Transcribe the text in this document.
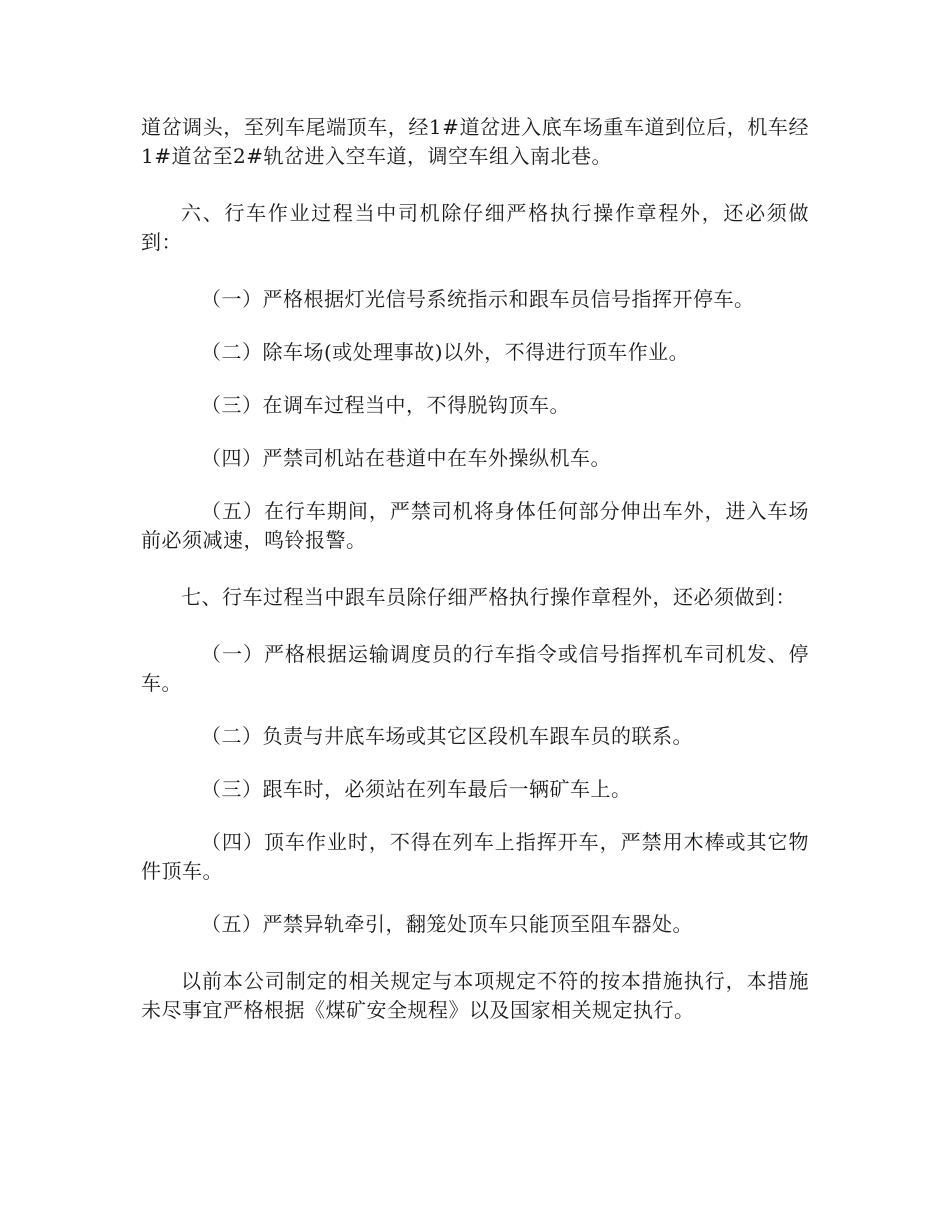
道岔调头，至列车尾端顶车，经1#道岔进入底车场重车道到位后，机车经1#道岔至2#轨岔进入空车道，调空车组入南北巷。

六、行车作业过程当中司机除仔细严格执行操作章程外，还必须做到：

（一）严格根据灯光信号系统指示和跟车员信号指挥开停车。

（二）除车场(或处理事故)以外，不得进行顶车作业。

（三）在调车过程当中，不得脱钩顶车。

（四）严禁司机站在巷道中在车外操纵机车。

（五）在行车期间，严禁司机将身体任何部分伸出车外，进入车场前必须减速，鸣铃报警。

七、行车过程当中跟车员除仔细严格执行操作章程外，还必须做到：

（一）严格根据运输调度员的行车指令或信号指挥机车司机发、停车。

（二）负责与井底车场或其它区段机车跟车员的联系。

（三）跟车时，必须站在列车最后一辆矿车上。

（四）顶车作业时，不得在列车上指挥开车，严禁用木棒或其它物件顶车。

（五）严禁异轨牵引，翻笼处顶车只能顶至阻车器处。

以前本公司制定的相关规定与本项规定不符的按本措施执行，本措施未尽事宜严格根据《煤矿安全规程》以及国家相关规定执行。
